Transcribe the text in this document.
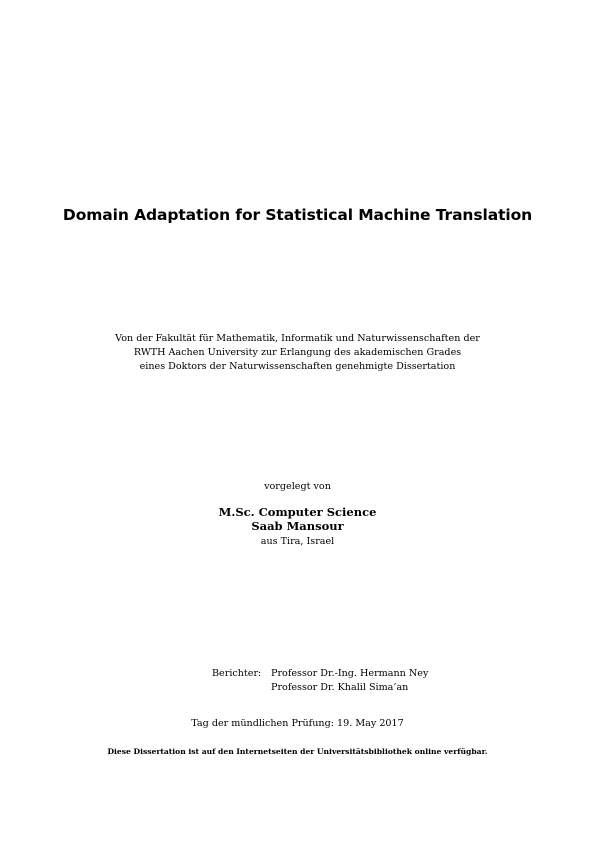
Domain Adaptation for Statistical Machine Translation
Von der Fakultät für Mathematik, Informatik und Naturwissenschaften der
RWTH Aachen University zur Erlangung des akademischen Grades
eines Doktors der Naturwissenschaften genehmigte Dissertation
vorgelegt von
M.Sc. Computer Science
Saab Mansour
aus Tira, Israel
Berichter:	Professor Dr.-Ing. Hermann Ney
Professor Dr. Khalil Sima’an
Tag der mündlichen Prüfung: 19. May 2017
Diese Dissertation ist auf den Internetseiten der Universitätsbibliothek online verfügbar.
